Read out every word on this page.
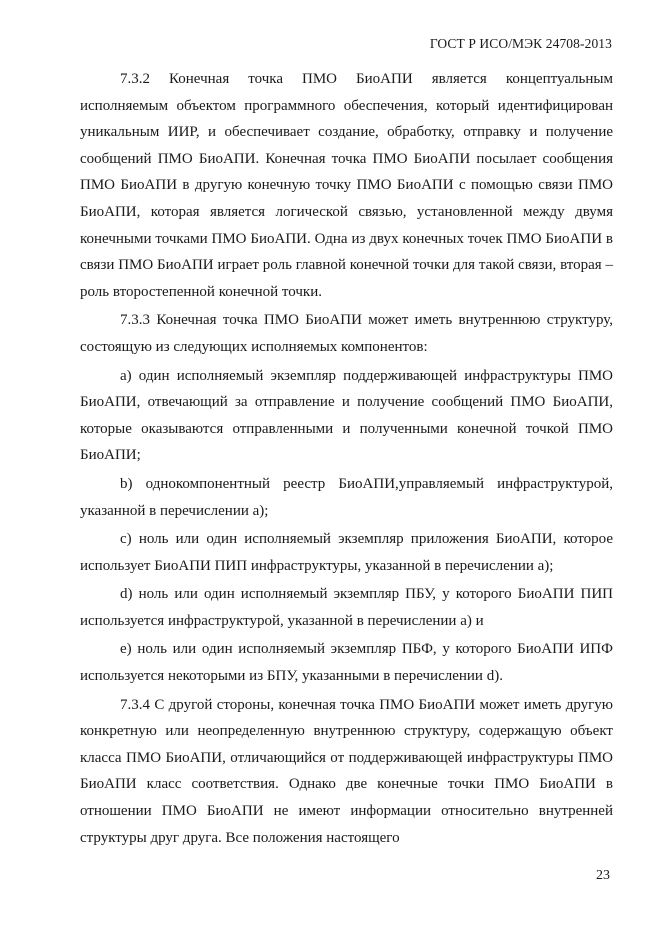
ГОСТ Р ИСО/МЭК 24708-2013

7.3.2 Конечная точка ПМО БиоАПИ является концептуальным исполняемым объектом программного обеспечения, который идентифицирован уникальным ИИР, и обеспечивает создание, обработку, отправку и получение сообщений ПМО БиоАПИ. Конечная точка ПМО БиоАПИ посылает сообщения ПМО БиоАПИ в другую конечную точку ПМО БиоАПИ с помощью связи ПМО БиоАПИ, которая является логической связью, установленной между двумя конечными точками ПМО БиоАПИ. Одна из двух конечных точек ПМО БиоАПИ в связи ПМО БиоАПИ играет роль главной конечной точки для такой связи, вторая – роль второстепенной конечной точки.

7.3.3 Конечная точка ПМО БиоАПИ может иметь внутреннюю структуру, состоящую из следующих исполняемых компонентов:

a) один исполняемый экземпляр поддерживающей инфраструктуры ПМО БиоАПИ, отвечающий за отправление и получение сообщений ПМО БиоАПИ, которые оказываются отправленными и полученными конечной точкой ПМО БиоАПИ;

b) однокомпонентный реестр БиоАПИ,управляемый инфраструктурой, указанной в перечислении а);

c) ноль или один исполняемый экземпляр приложения БиоАПИ, которое использует БиоАПИ ПИП инфраструктуры, указанной в перечислении а);

d) ноль или один исполняемый экземпляр ПБУ, у которого БиоАПИ ПИП используется инфраструктурой, указанной в перечислении а) и

e) ноль или один исполняемый экземпляр ПБФ, у которого БиоАПИ ИПФ используется некоторыми из БПУ, указанными в перечислении d).

7.3.4 С другой стороны, конечная точка ПМО БиоАПИ может иметь другую конкретную или неопределенную внутреннюю структуру, содержащую объект класса ПМО БиоАПИ, отличающийся от поддерживающей инфраструктуры ПМО БиоАПИ класс соответствия. Однако две конечные точки ПМО БиоАПИ в отношении ПМО БиоАПИ не имеют информации относительно внутренней структуры друг друга. Все положения настоящего

23
